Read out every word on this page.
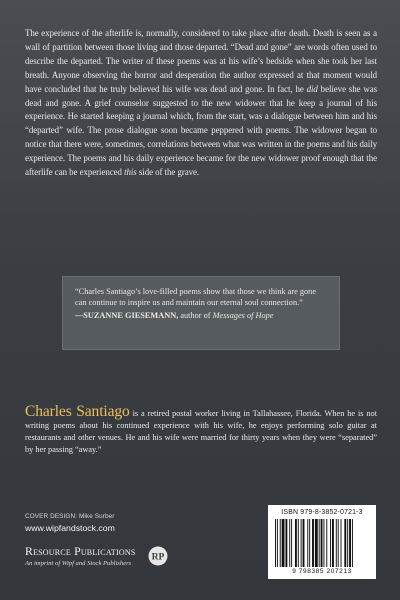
The experience of the afterlife is, normally, considered to take place after death. Death is seen as a wall of partition between those living and those departed. “Dead and gone” are words often used to describe the departed. The writer of these poems was at his wife’s bedside when she took her last breath. Anyone observing the horror and desperation the author expressed at that moment would have concluded that he truly believed his wife was dead and gone. In fact, he did believe she was dead and gone. A grief counselor suggested to the new widower that he keep a journal of his experience. He started keeping a journal which, from the start, was a dialogue between him and his “departed” wife. The prose dialogue soon became peppered with poems. The widower began to notice that there were, sometimes, correlations between what was written in the poems and his daily experience. The poems and his daily experience became for the new widower proof enough that the afterlife can be experienced this side of the grave.

“Charles Santiago’s love-filled poems show that those we think are gone can continue to inspire us and maintain our eternal soul connection.”

—SUZANNE GIESEMANN, author of Messages of Hope

Charles Santiago is a retired postal worker living in Tallahassee, Florida. When he is not writing poems about his continued experience with his wife, he enjoys performing solo guitar at restaurants and other venues. He and his wife were married for thirty years when they were “separated” by her passing “away.”

COVER DESIGN: Mike Surber
www.wipfandstock.com
Resource Publications
An imprint of Wipf and Stock Publishers
RP
ISBN 979-8-3852-0721-3
9 798385 207213
